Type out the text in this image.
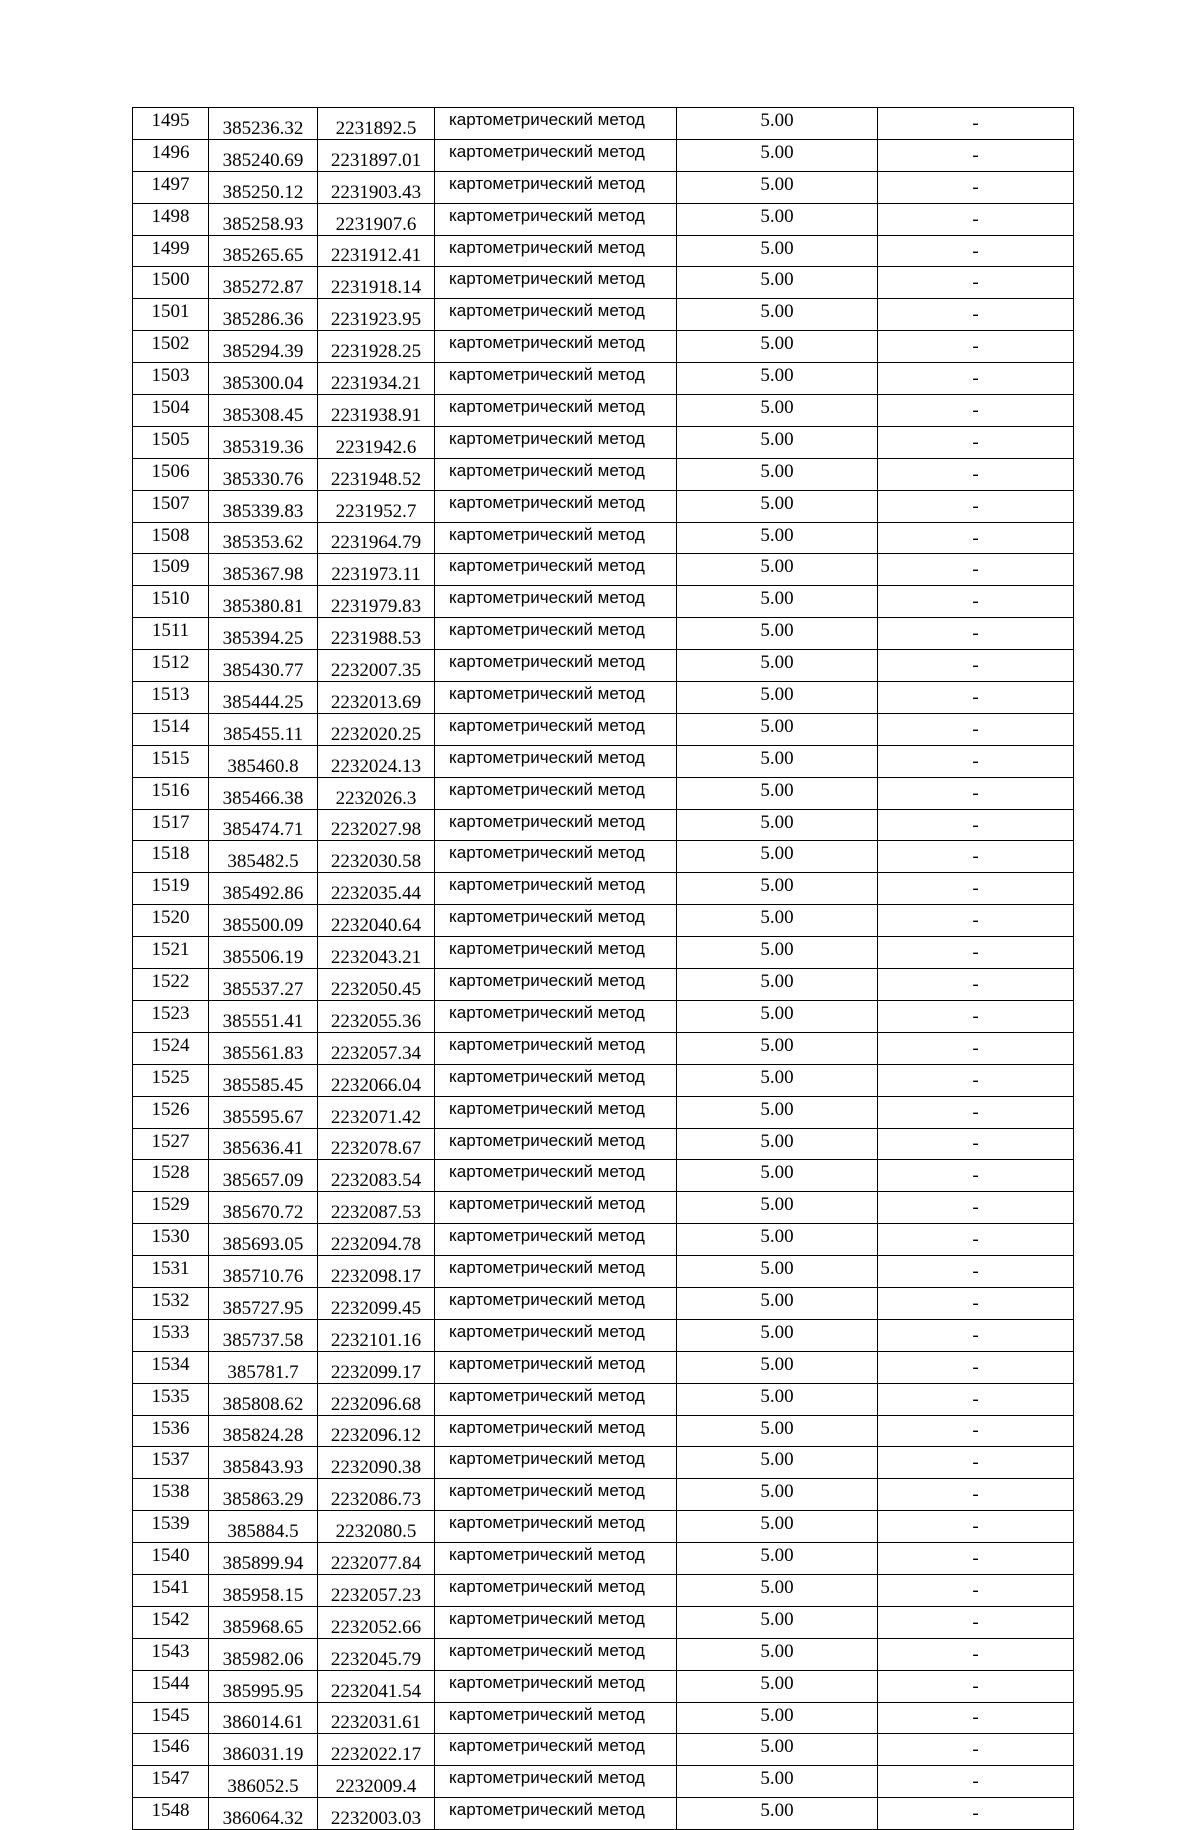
1495	385236.32	2231892.5	картометрический метод	5.00	-
1496	385240.69	2231897.01	картометрический метод	5.00	-
1497	385250.12	2231903.43	картометрический метод	5.00	-
1498	385258.93	2231907.6	картометрический метод	5.00	-
1499	385265.65	2231912.41	картометрический метод	5.00	-
1500	385272.87	2231918.14	картометрический метод	5.00	-
1501	385286.36	2231923.95	картометрический метод	5.00	-
1502	385294.39	2231928.25	картометрический метод	5.00	-
1503	385300.04	2231934.21	картометрический метод	5.00	-
1504	385308.45	2231938.91	картометрический метод	5.00	-
1505	385319.36	2231942.6	картометрический метод	5.00	-
1506	385330.76	2231948.52	картометрический метод	5.00	-
1507	385339.83	2231952.7	картометрический метод	5.00	-
1508	385353.62	2231964.79	картометрический метод	5.00	-
1509	385367.98	2231973.11	картометрический метод	5.00	-
1510	385380.81	2231979.83	картометрический метод	5.00	-
1511	385394.25	2231988.53	картометрический метод	5.00	-
1512	385430.77	2232007.35	картометрический метод	5.00	-
1513	385444.25	2232013.69	картометрический метод	5.00	-
1514	385455.11	2232020.25	картометрический метод	5.00	-
1515	385460.8	2232024.13	картометрический метод	5.00	-
1516	385466.38	2232026.3	картометрический метод	5.00	-
1517	385474.71	2232027.98	картометрический метод	5.00	-
1518	385482.5	2232030.58	картометрический метод	5.00	-
1519	385492.86	2232035.44	картометрический метод	5.00	-
1520	385500.09	2232040.64	картометрический метод	5.00	-
1521	385506.19	2232043.21	картометрический метод	5.00	-
1522	385537.27	2232050.45	картометрический метод	5.00	-
1523	385551.41	2232055.36	картометрический метод	5.00	-
1524	385561.83	2232057.34	картометрический метод	5.00	-
1525	385585.45	2232066.04	картометрический метод	5.00	-
1526	385595.67	2232071.42	картометрический метод	5.00	-
1527	385636.41	2232078.67	картометрический метод	5.00	-
1528	385657.09	2232083.54	картометрический метод	5.00	-
1529	385670.72	2232087.53	картометрический метод	5.00	-
1530	385693.05	2232094.78	картометрический метод	5.00	-
1531	385710.76	2232098.17	картометрический метод	5.00	-
1532	385727.95	2232099.45	картометрический метод	5.00	-
1533	385737.58	2232101.16	картометрический метод	5.00	-
1534	385781.7	2232099.17	картометрический метод	5.00	-
1535	385808.62	2232096.68	картометрический метод	5.00	-
1536	385824.28	2232096.12	картометрический метод	5.00	-
1537	385843.93	2232090.38	картометрический метод	5.00	-
1538	385863.29	2232086.73	картометрический метод	5.00	-
1539	385884.5	2232080.5	картометрический метод	5.00	-
1540	385899.94	2232077.84	картометрический метод	5.00	-
1541	385958.15	2232057.23	картометрический метод	5.00	-
1542	385968.65	2232052.66	картометрический метод	5.00	-
1543	385982.06	2232045.79	картометрический метод	5.00	-
1544	385995.95	2232041.54	картометрический метод	5.00	-
1545	386014.61	2232031.61	картометрический метод	5.00	-
1546	386031.19	2232022.17	картометрический метод	5.00	-
1547	386052.5	2232009.4	картометрический метод	5.00	-
1548	386064.32	2232003.03	картометрический метод	5.00	-
